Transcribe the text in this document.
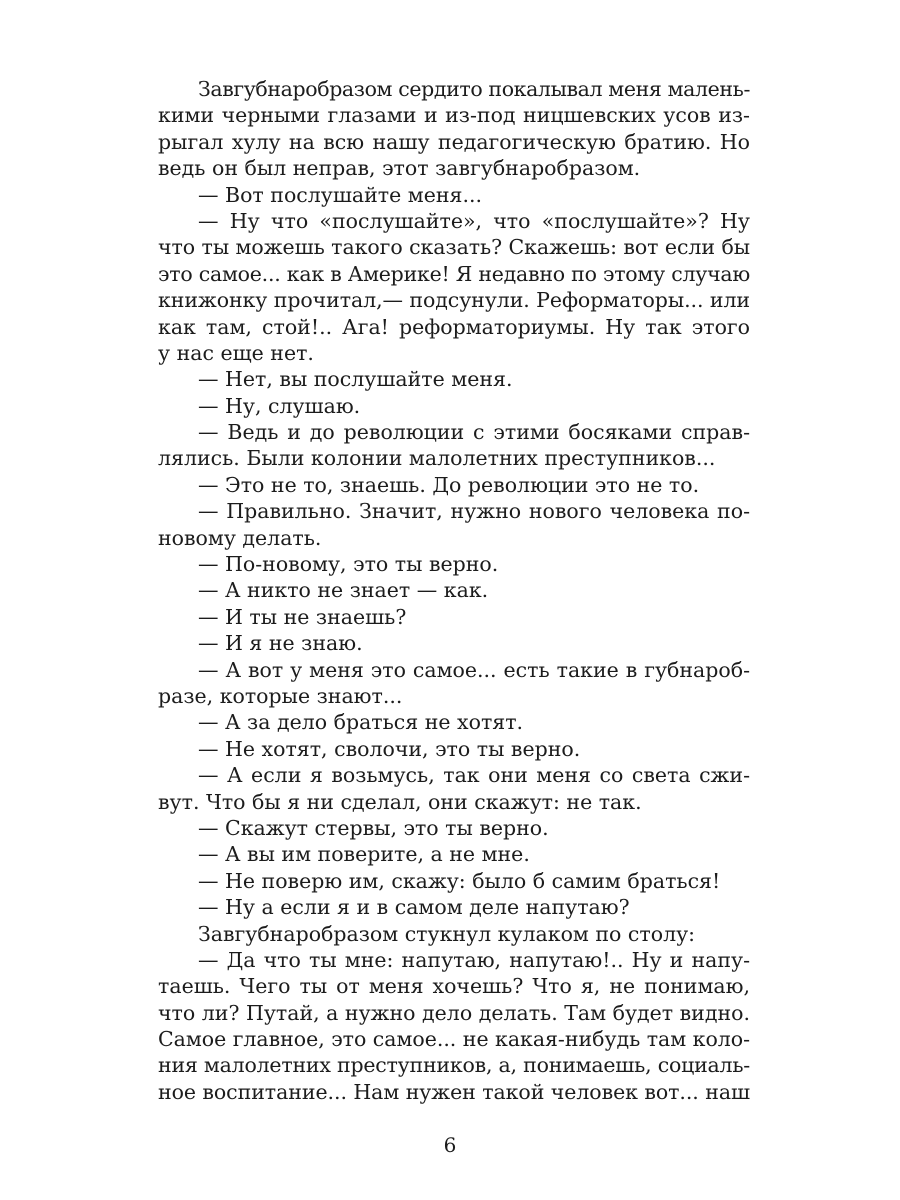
Завгубнаробразом сердито покалывал меня малень-
кими черными глазами и из-под ницшевских усов из-
рыгал хулу на всю нашу педагогическую братию. Но
ведь он был неправ, этот завгубнаробразом.
— Вот послушайте меня...
— Ну что «послушайте», что «послушайте»? Ну
что ты можешь такого сказать? Скажешь: вот если бы
это самое... как в Америке! Я недавно по этому случаю
книжонку прочитал,— подсунули. Реформаторы... или
как там, стой!.. Ага! реформаториумы. Ну так этого
у нас еще нет.
— Нет, вы послушайте меня.
— Ну, слушаю.
— Ведь и до революции с этими босяками справ-
лялись. Были колонии малолетних преступников...
— Это не то, знаешь. До революции это не то.
— Правильно. Значит, нужно нового человека по-
новому делать.
— По-новому, это ты верно.
— А никто не знает — как.
— И ты не знаешь?
— И я не знаю.
— А вот у меня это самое... есть такие в губнароб-
разе, которые знают...
— А за дело браться не хотят.
— Не хотят, сволочи, это ты верно.
— А если я возьмусь, так они меня со света сжи-
вут. Что бы я ни сделал, они скажут: не так.
— Скажут стервы, это ты верно.
— А вы им поверите, а не мне.
— Не поверю им, скажу: было б самим браться!
— Ну а если я и в самом деле напутаю?
Завгубнаробразом стукнул кулаком по столу:
— Да что ты мне: напутаю, напутаю!.. Ну и напу-
таешь. Чего ты от меня хочешь? Что я, не понимаю,
что ли? Путай, а нужно дело делать. Там будет видно.
Самое главное, это самое... не какая-нибудь там коло-
ния малолетних преступников, а, понимаешь, социаль-
ное воспитание... Нам нужен такой человек вот... наш
6
